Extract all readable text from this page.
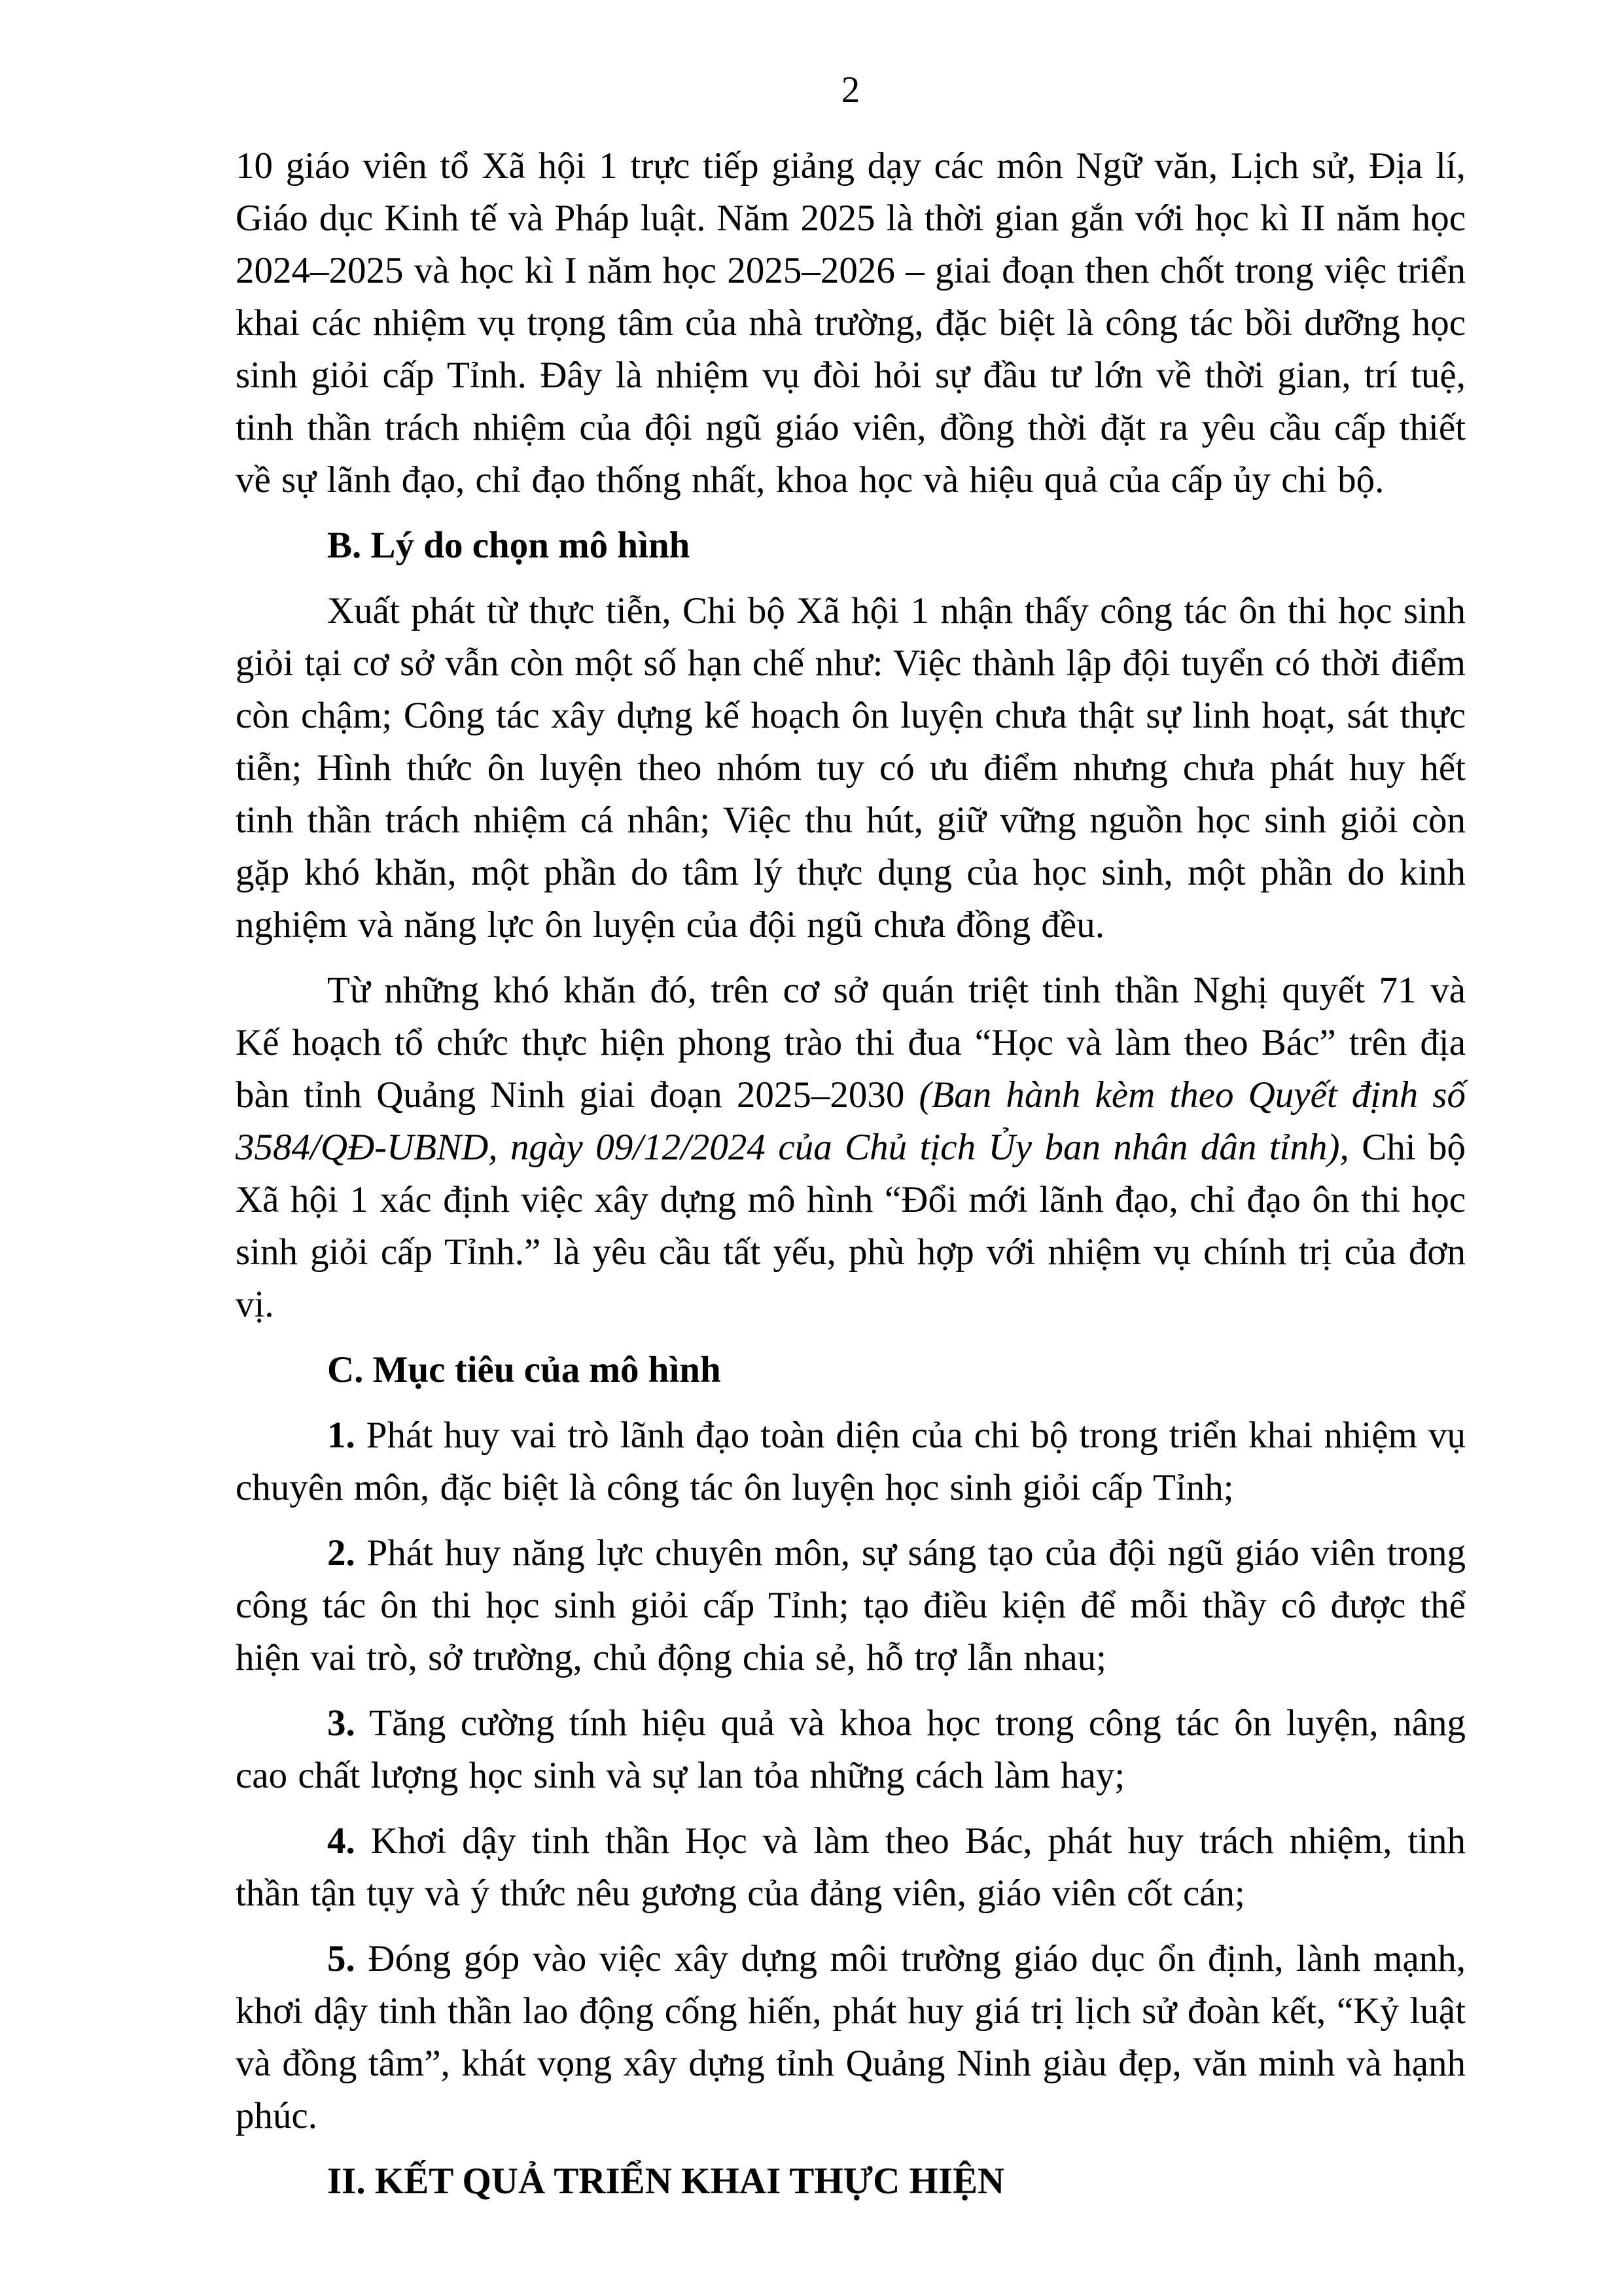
2

10 giáo viên tổ Xã hội 1 trực tiếp giảng dạy các môn Ngữ văn, Lịch sử, Địa lí, Giáo dục Kinh tế và Pháp luật. Năm 2025 là thời gian gắn với học kì II năm học 2024–2025 và học kì I năm học 2025–2026 – giai đoạn then chốt trong việc triển khai các nhiệm vụ trọng tâm của nhà trường, đặc biệt là công tác bồi dưỡng học sinh giỏi cấp Tỉnh. Đây là nhiệm vụ đòi hỏi sự đầu tư lớn về thời gian, trí tuệ, tinh thần trách nhiệm của đội ngũ giáo viên, đồng thời đặt ra yêu cầu cấp thiết về sự lãnh đạo, chỉ đạo thống nhất, khoa học và hiệu quả của cấp ủy chi bộ.

B. Lý do chọn mô hình

Xuất phát từ thực tiễn, Chi bộ Xã hội 1 nhận thấy công tác ôn thi học sinh giỏi tại cơ sở vẫn còn một số hạn chế như: Việc thành lập đội tuyển có thời điểm còn chậm; Công tác xây dựng kế hoạch ôn luyện chưa thật sự linh hoạt, sát thực tiễn; Hình thức ôn luyện theo nhóm tuy có ưu điểm nhưng chưa phát huy hết tinh thần trách nhiệm cá nhân; Việc thu hút, giữ vững nguồn học sinh giỏi còn gặp khó khăn, một phần do tâm lý thực dụng của học sinh, một phần do kinh nghiệm và năng lực ôn luyện của đội ngũ chưa đồng đều.

Từ những khó khăn đó, trên cơ sở quán triệt tinh thần Nghị quyết 71 và Kế hoạch tổ chức thực hiện phong trào thi đua “Học và làm theo Bác” trên địa bàn tỉnh Quảng Ninh giai đoạn 2025–2030 (Ban hành kèm theo Quyết định số 3584/QĐ-UBND, ngày 09/12/2024 của Chủ tịch Ủy ban nhân dân tỉnh), Chi bộ Xã hội 1 xác định việc xây dựng mô hình “Đổi mới lãnh đạo, chỉ đạo ôn thi học sinh giỏi cấp Tỉnh.” là yêu cầu tất yếu, phù hợp với nhiệm vụ chính trị của đơn vị.

C. Mục tiêu của mô hình

1. Phát huy vai trò lãnh đạo toàn diện của chi bộ trong triển khai nhiệm vụ chuyên môn, đặc biệt là công tác ôn luyện học sinh giỏi cấp Tỉnh;

2. Phát huy năng lực chuyên môn, sự sáng tạo của đội ngũ giáo viên trong công tác ôn thi học sinh giỏi cấp Tỉnh; tạo điều kiện để mỗi thầy cô được thể hiện vai trò, sở trường, chủ động chia sẻ, hỗ trợ lẫn nhau;

3. Tăng cường tính hiệu quả và khoa học trong công tác ôn luyện, nâng cao chất lượng học sinh và sự lan tỏa những cách làm hay;

4. Khơi dậy tinh thần Học và làm theo Bác, phát huy trách nhiệm, tinh thần tận tụy và ý thức nêu gương của đảng viên, giáo viên cốt cán;

5. Đóng góp vào việc xây dựng môi trường giáo dục ổn định, lành mạnh, khơi dậy tinh thần lao động cống hiến, phát huy giá trị lịch sử đoàn kết, “Kỷ luật và đồng tâm”, khát vọng xây dựng tỉnh Quảng Ninh giàu đẹp, văn minh và hạnh phúc.

II. KẾT QUẢ TRIỂN KHAI THỰC HIỆN
